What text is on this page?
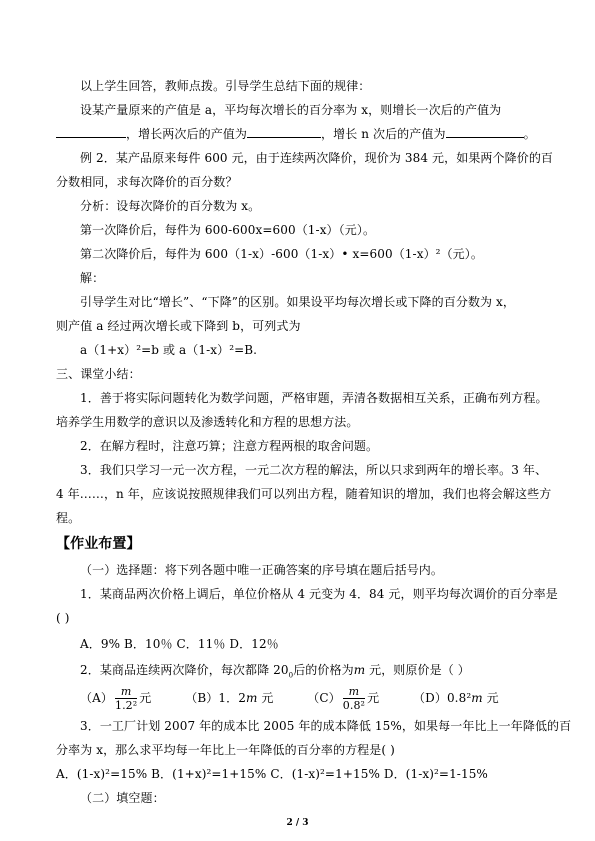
以上学生回答，教师点拨。引导学生总结下面的规律：
设某产量原来的产值是 a，平均每次增长的百分率为 x，则增长一次后的产值为
，增长两次后的产值为	，增长 n 次后的产值为	。
例 2．某产品原来每件 600 元，由于连续两次降价，现价为 384 元，如果两个降价的百
分数相同，求每次降价的百分数？
分析：设每次降价的百分数为 x。
第一次降价后，每件为 600-600x=600（1-x）（元）。
第二次降价后，每件为 600（1-x）-600（1-x）• x=600（1-x）²（元）。
解：
引导学生对比“增长”、“下降”的区别。如果设平均每次增长或下降的百分数为 x，
则产值 a 经过两次增长或下降到 b，可列式为
a（1+x）²=b 或 a（1-x）²=B.
三、课堂小结：
1．善于将实际问题转化为数学问题，严格审题，弄清各数据相互关系，正确布列方程。
培养学生用数学的意识以及渗透转化和方程的思想方法。
2．在解方程时，注意巧算；注意方程两根的取舍问题。
3．我们只学习一元一次方程，一元二次方程的解法，所以只求到两年的增长率。3 年、
4 年……，n 年，应该说按照规律我们可以列出方程，随着知识的增加，我们也将会解这些方
程。
【作业布置】
（一）选择题：将下列各题中唯一正确答案的序号填在题后括号内。
1．某商品两次价格上调后，单位价格从 4 元变为 4．84 元，则平均每次调价的百分率是
( )
A．9% B．10％ C．11％ D．12％
2．某商品连续两次降价，每次都降 $20_0$后的价格为m 元，则原价是（ ）
$(A) \frac{m}{\text{1.2²}}$ 元	（B）1．2m 元	$(C) \frac{m}{\text{0.8²}}$ 元	（D）0.8²m 元
3．一工厂计划 2007 年的成本比 2005 年的成本降低 15%，如果每一年比上一年降低的百
分率为 x，那么求平均每一年比上一年降低的百分率的方程是( )
A．(1-x)²=15% B．(1+x)²=1+15% C．(1-x)²=1+15% D．(1-x)²=1-15%
（二）填空题：
2 / 3
